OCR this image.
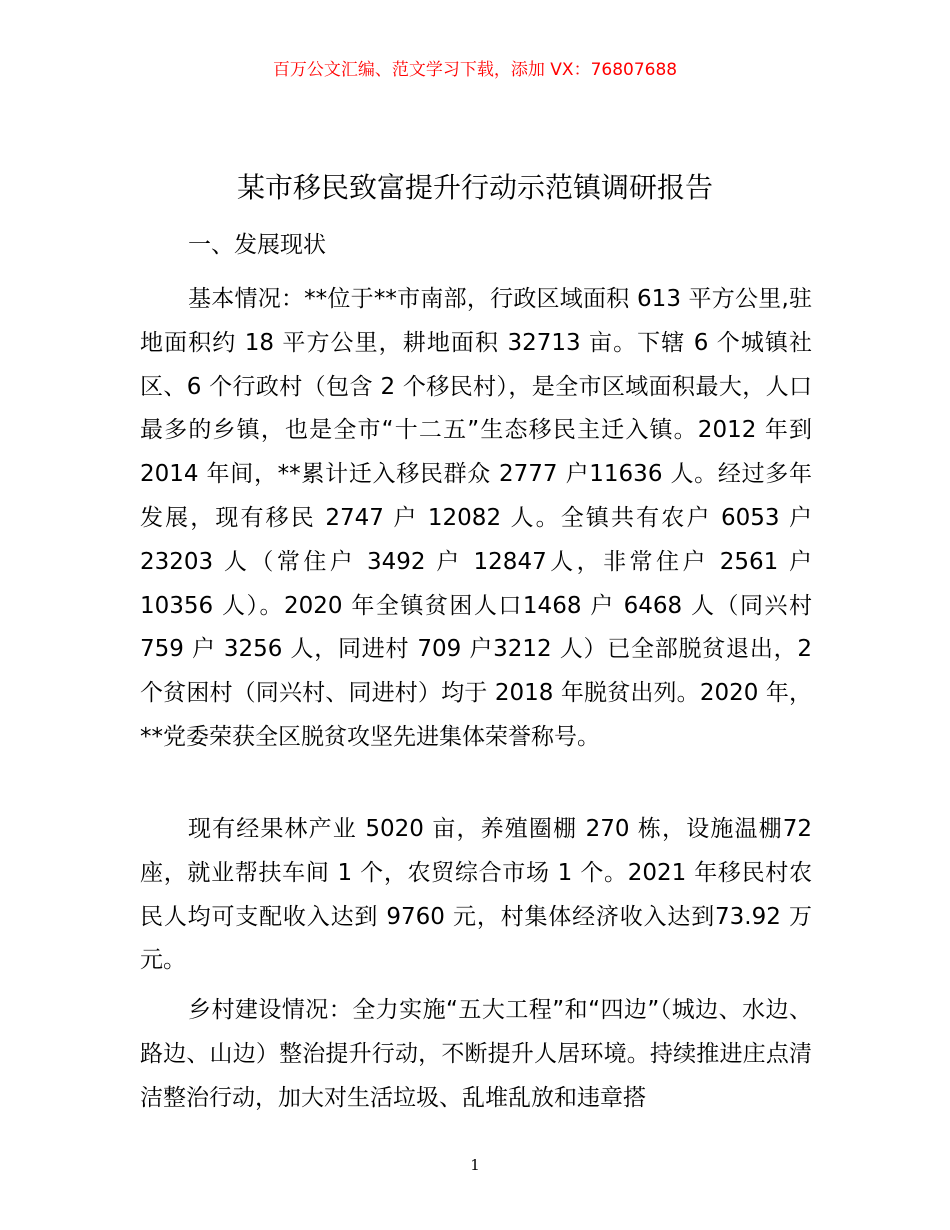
百万公文汇编、范文学习下载，添加 VX：76807688
某市移民致富提升行动示范镇调研报告
一、发展现状

基本情况：**位于**市南部，行政区域面积 613 平方公里,驻地面积约 18 平方公里，耕地面积 32713 亩。下辖 6 个城镇社区、6 个行政村（包含 2 个移民村），是全市区域面积最大，人口最多的乡镇，也是全市“十二五”生态移民主迁入镇。2012 年到 2014 年间，**累计迁入移民群众 2777 户11636 人。经过多年发展，现有移民 2747 户 12082 人。全镇共有农户 6053 户 23203 人（常住户 3492 户 12847人，非常住户 2561 户 10356 人）。2020 年全镇贫困人口1468 户 6468 人（同兴村 759 户 3256 人，同进村 709 户3212 人）已全部脱贫退出，2 个贫困村（同兴村、同进村）均于 2018 年脱贫出列。2020 年，**党委荣获全区脱贫攻坚先进集体荣誉称号。

现有经果林产业 5020 亩，养殖圈棚 270 栋，设施温棚72 座，就业帮扶车间 1 个，农贸综合市场 1 个。2021 年移民村农民人均可支配收入达到 9760 元，村集体经济收入达到73.92 万元。

乡村建设情况：全力实施“五大工程”和“四边”（城边、水边、路边、山边）整治提升行动，不断提升人居环境。持续推进庄点清洁整治行动，加大对生活垃圾、乱堆乱放和违章搭

1
